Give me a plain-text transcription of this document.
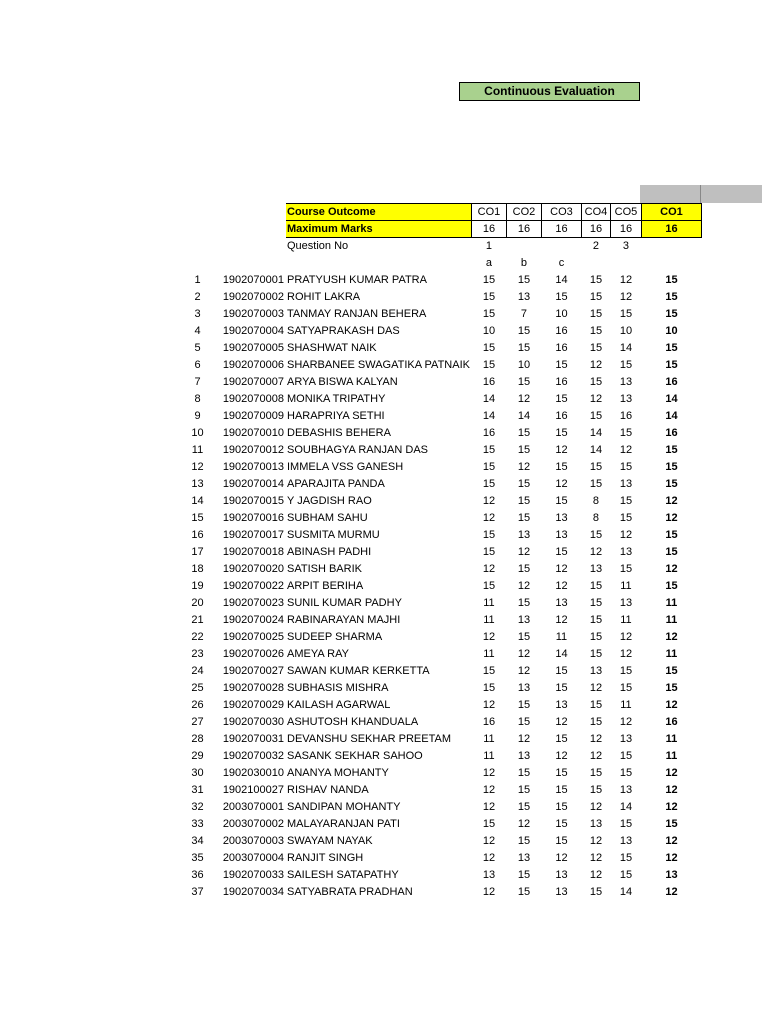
Continuous Evaluation
		Course Outcome	CO1	CO2	CO3	CO4	CO5	CO1
		Maximum Marks	16	16	16	16	16	16
		Question No	1			2	3	
			a	b	c			
1	1902070001	PRATYUSH KUMAR PATRA	15	15	14	15	12	15
2	1902070002	ROHIT LAKRA	15	13	15	15	12	15
3	1902070003	TANMAY RANJAN BEHERA	15	7	10	15	15	15
4	1902070004	SATYAPRAKASH DAS	10	15	16	15	10	10
5	1902070005	SHASHWAT NAIK	15	15	16	15	14	15
6	1902070006	SHARBANEE SWAGATIKA PATNAIK	15	10	15	12	15	15
7	1902070007	ARYA BISWA KALYAN	16	15	16	15	13	16
8	1902070008	MONIKA TRIPATHY	14	12	15	12	13	14
9	1902070009	HARAPRIYA SETHI	14	14	16	15	16	14
10	1902070010	DEBASHIS BEHERA	16	15	15	14	15	16
11	1902070012	SOUBHAGYA RANJAN DAS	15	15	12	14	12	15
12	1902070013	IMMELA VSS GANESH	15	12	15	15	15	15
13	1902070014	APARAJITA PANDA	15	15	12	15	13	15
14	1902070015	Y JAGDISH RAO	12	15	15	8	15	12
15	1902070016	SUBHAM SAHU	12	15	13	8	15	12
16	1902070017	SUSMITA MURMU	15	13	13	15	12	15
17	1902070018	ABINASH PADHI	15	12	15	12	13	15
18	1902070020	SATISH BARIK	12	15	12	13	15	12
19	1902070022	ARPIT BERIHA	15	12	12	15	11	15
20	1902070023	SUNIL KUMAR PADHY	11	15	13	15	13	11
21	1902070024	RABINARAYAN MAJHI	11	13	12	15	11	11
22	1902070025	SUDEEP SHARMA	12	15	11	15	12	12
23	1902070026	AMEYA RAY	11	12	14	15	12	11
24	1902070027	SAWAN KUMAR KERKETTA	15	12	15	13	15	15
25	1902070028	SUBHASIS MISHRA	15	13	15	12	15	15
26	1902070029	KAILASH AGARWAL	12	15	13	15	11	12
27	1902070030	ASHUTOSH KHANDUALA	16	15	12	15	12	16
28	1902070031	DEVANSHU SEKHAR PREETAM	11	12	15	12	13	11
29	1902070032	SASANK SEKHAR SAHOO	11	13	12	12	15	11
30	1902030010	ANANYA MOHANTY	12	15	15	15	15	12
31	1902100027	RISHAV NANDA	12	15	15	15	13	12
32	2003070001	SANDIPAN MOHANTY	12	15	15	12	14	12
33	2003070002	MALAYARANJAN PATI	15	12	15	13	15	15
34	2003070003	SWAYAM NAYAK	12	15	15	12	13	12
35	2003070004	RANJIT SINGH	12	13	12	12	15	12
36	1902070033	SAILESH SATAPATHY	13	15	13	12	15	13
37	1902070034	SATYABRATA PRADHAN	12	15	13	15	14	12
